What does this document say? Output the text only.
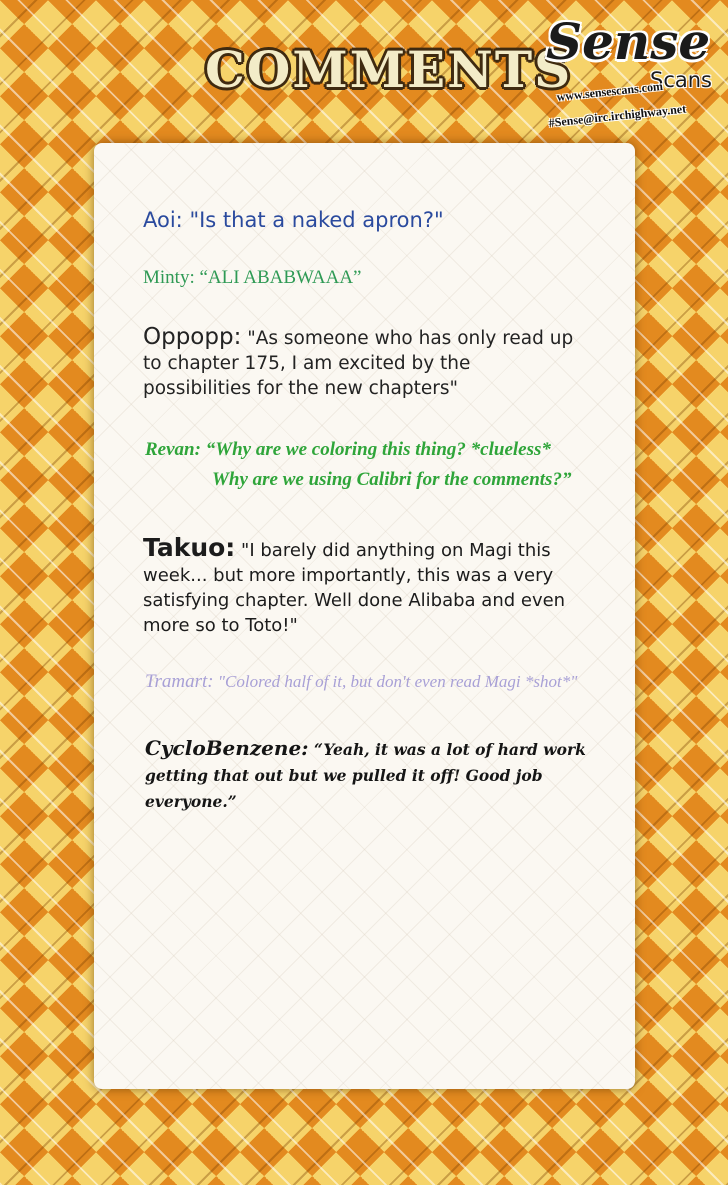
COMMENTS
Sense
Scans
www.sensescans.com
#Sense@irc.irchighway.net

Aoi: "Is that a naked apron?"

Minty: “ALI ABABWAAA”

Oppopp: "As someone who has only read up to chapter 175, I am excited by the possibilities for the new chapters"

Revan: “Why are we coloring this thing? *clueless*
Why are we using Calibri for the comments?”

Takuo: "I barely did anything on Magi this week... but more importantly, this was a very satisfying chapter. Well done Alibaba and even more so to Toto!"

Tramart: "Colored half of it, but don't even read Magi *shot*"

CycloBenzene: “Yeah, it was a lot of hard work getting that out but we pulled it off! Good job everyone.”
